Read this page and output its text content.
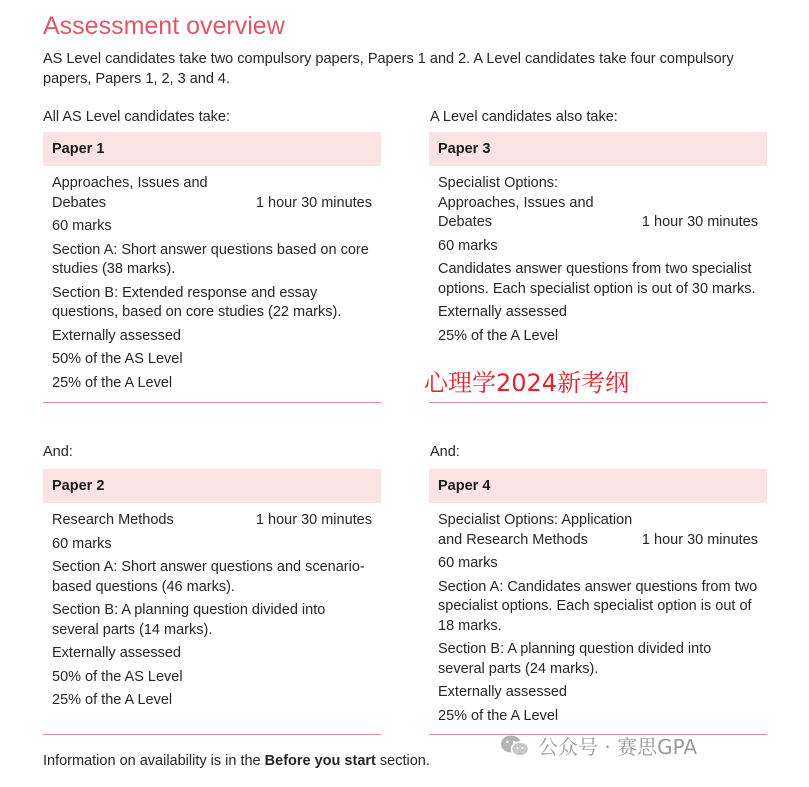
Assessment overview
AS Level candidates take two compulsory papers, Papers 1 and 2. A Level candidates take four compulsory papers, Papers 1, 2, 3 and 4.
All AS Level candidates take:	A Level candidates also take:
And:	And:
Paper 1
Approaches, Issues and Debates	1 hour 30 minutes
60 marks
Section A: Short answer questions based on core studies (38 marks).
Section B: Extended response and essay questions, based on core studies (22 marks).
Externally assessed
50% of the AS Level
25% of the A Level
Paper 3
Specialist Options: Approaches, Issues and Debates	1 hour 30 minutes
60 marks
Candidates answer questions from two specialist options. Each specialist option is out of 30 marks.
Externally assessed
25% of the A Level
Paper 2
Research Methods	1 hour 30 minutes
60 marks
Section A: Short answer questions and scenario-based questions (46 marks).
Section B: A planning question divided into several parts (14 marks).
Externally assessed
50% of the AS Level
25% of the A Level
Paper 4
Specialist Options: Application and Research Methods	1 hour 30 minutes
60 marks
Section A: Candidates answer questions from two specialist options. Each specialist option is out of 18 marks.
Section B: A planning question divided into several parts (24 marks).
Externally assessed
25% of the A Level
心理学2024新考纲
公众号 · 赛思GPA
Information on availability is in the Before you start section.
